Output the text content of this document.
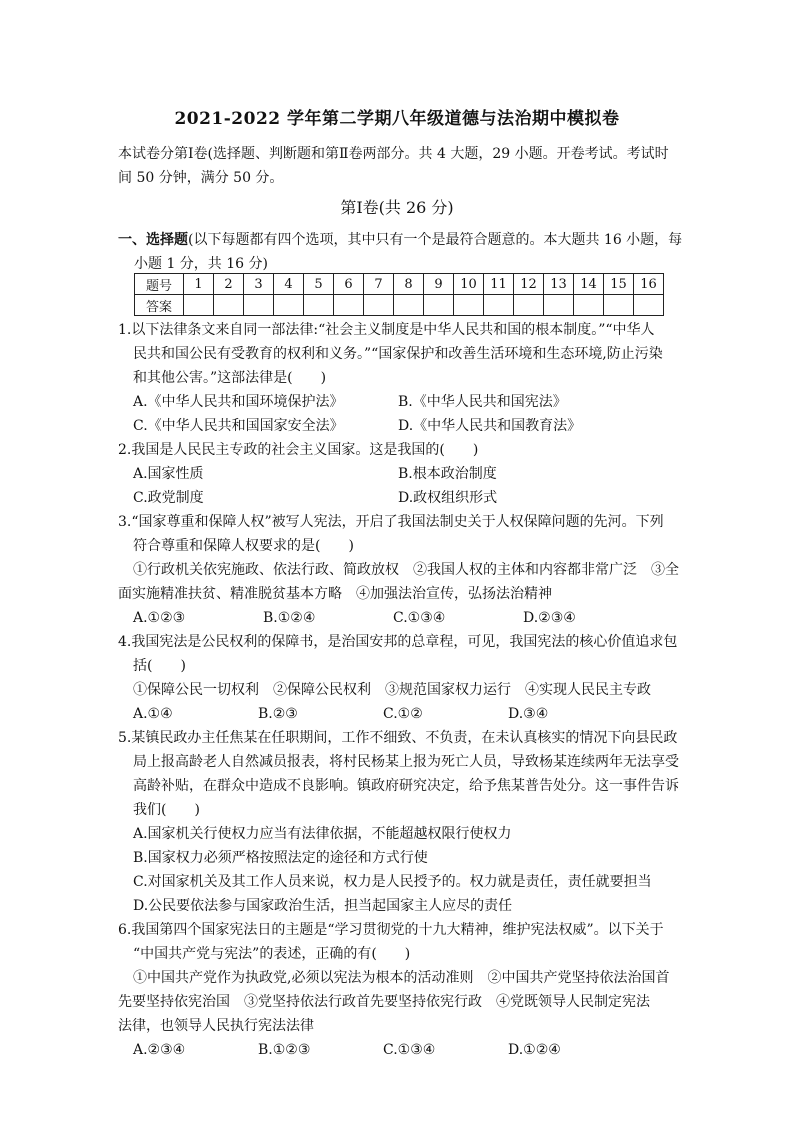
2021-2022 学年第二学期八年级道德与法治期中模拟卷
本试卷分第Ⅰ卷(选择题、判断题和第Ⅱ卷两部分。共 4 大题，29 小题。开卷考试。考试时
间 50 分钟，满分 50 分。
第Ⅰ卷(共 26 分)
一、选择题(以下每题都有四个选项，其中只有一个是最符合题意的。本大题共 16 小题，每
小题 1 分，共 16 分)
题号	1	2	3	4	5	6	7	8	9	10	11	12	13	14	15	16
答案																
1.以下法律条文来自同一部法律:“社会主义制度是中华人民共和国的根本制度。”“中华人
民共和国公民有受教育的权利和义务。”“国家保护和改善生活环境和生态环境,防止污染
和其他公害。”这部法律是(　　)
A.《中华人民共和国环境保护法》	B.《中华人民共和国宪法》
C.《中华人民共和国国家安全法》	D.《中华人民共和国教育法》
2.我国是人民民主专政的社会主义国家。这是我国的(　　)
A.国家性质	B.根本政治制度
C.政党制度	D.政权组织形式
3.“国家尊重和保障人权”被写人宪法，开启了我国法制史关于人权保障问题的先河。下列
符合尊重和保障人权要求的是(　　)
①行政机关依宪施政、依法行政、简政放权　②我国人权的主体和内容都非常广泛　③全
面实施精准扶贫、精准脱贫基本方略　④加强法治宣传，弘扬法治精神
A.①②③	B.①②④	C.①③④	D.②③④
4.我国宪法是公民权利的保障书，是治国安邦的总章程，可见，我国宪法的核心价值追求包
括(　　)
①保障公民一切权利　②保障公民权利　③规范国家权力运行　④实现人民民主专政
A.①④	B.②③	C.①②	D.③④
5.某镇民政办主任焦某在任职期间，工作不细致、不负责，在未认真核实的情况下向县民政
局上报高龄老人自然减员报表，将村民杨某上报为死亡人员，导致杨某连续两年无法享受
高龄补贴，在群众中造成不良影响。镇政府研究决定，给予焦某普告处分。这一事件告诉
我们(　　)
A.国家机关行使权力应当有法律依据，不能超越权限行使权力
B.国家权力必须严格按照法定的途径和方式行使
C.对国家机关及其工作人员来说，权力是人民授予的。权力就是责任，责任就要担当
D.公民要依法参与国家政治生活，担当起国家主人应尽的责任
6.我国第四个国家宪法日的主题是“学习贯彻党的十九大精神，维护宪法权威”。以下关于
“中国共产党与宪法”的表述，正确的有(　　)
①中国共产党作为执政党,必须以宪法为根本的活动准则　②中国共产党坚持依法治国首
先要坚持依宪治国　③党坚持依法行政首先要坚持依宪行政　④党既领导人民制定宪法
法律，也领导人民执行宪法法律
A.②③④	B.①②③	C.①③④	D.①②④
